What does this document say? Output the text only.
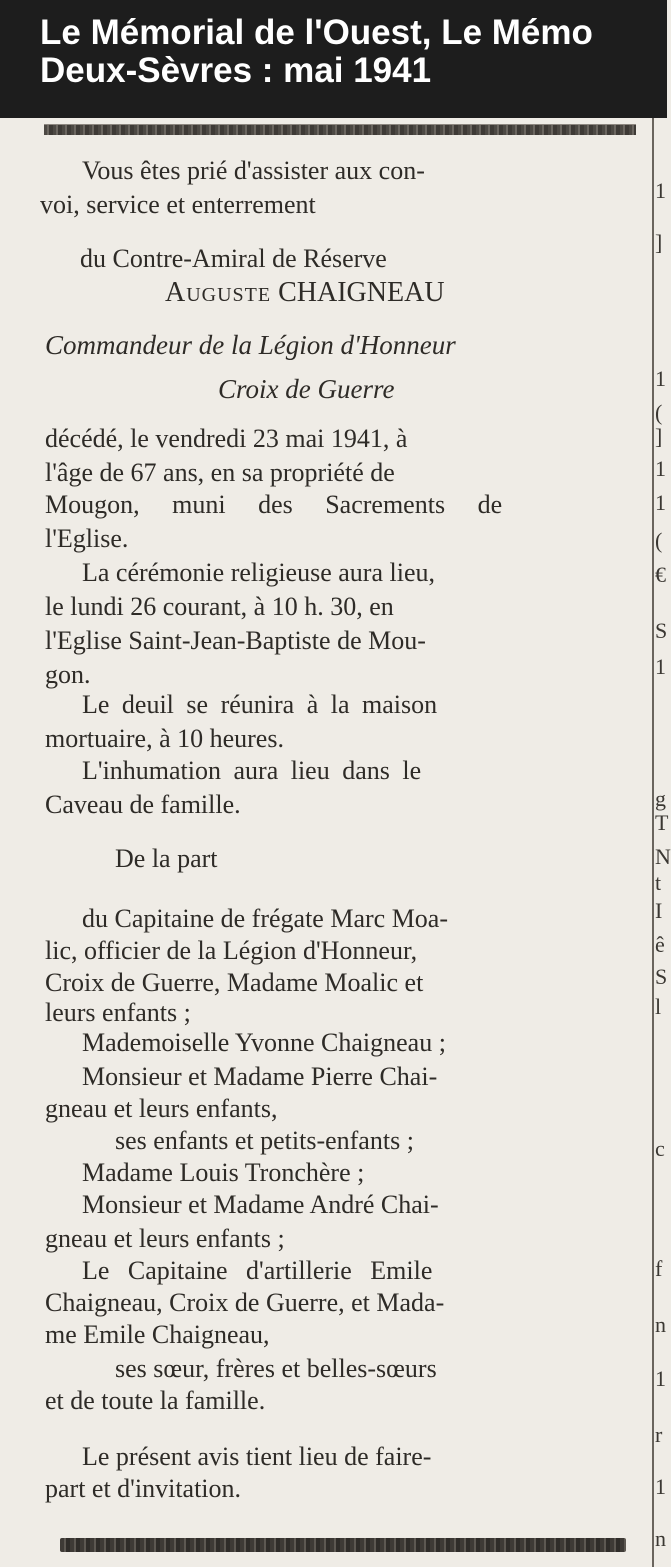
Le Mémorial de l'Ouest, Le Mémo
Deux-Sèvres : mai 1941
1
]
1
(
]
1
1
(
€
S
1
g
T
N
t
I
ê
S
l
c
f
n
1
r
1
n
Vous êtes prié d'assister aux con-
voi, service et enterrement
du Contre-Amiral de Réserve
Auguste CHAIGNEAU
Commandeur de la Légion d'Honneur
Croix de Guerre
décédé, le vendredi 23 mai 1941, à
l'âge de 67 ans, en sa propriété de
Mougon, muni des Sacrements de
l'Eglise.
La cérémonie religieuse aura lieu,
le lundi 26 courant, à 10 h. 30, en
l'Eglise Saint-Jean-Baptiste de Mou-
gon.
Le deuil se réunira à la maison
mortuaire, à 10 heures.
L'inhumation aura lieu dans le
Caveau de famille.
De la part
du Capitaine de frégate Marc Moa-
lic, officier de la Légion d'Honneur,
Croix de Guerre, Madame Moalic et
leurs enfants ;
Mademoiselle Yvonne Chaigneau ;
Monsieur et Madame Pierre Chai-
gneau et leurs enfants,
ses enfants et petits-enfants ;
Madame Louis Tronchère ;
Monsieur et Madame André Chai-
gneau et leurs enfants ;
Le Capitaine d'artillerie Emile
Chaigneau, Croix de Guerre, et Mada-
me Emile Chaigneau,
ses sœur, frères et belles-sœurs
et de toute la famille.
Le présent avis tient lieu de faire-
part et d'invitation.
